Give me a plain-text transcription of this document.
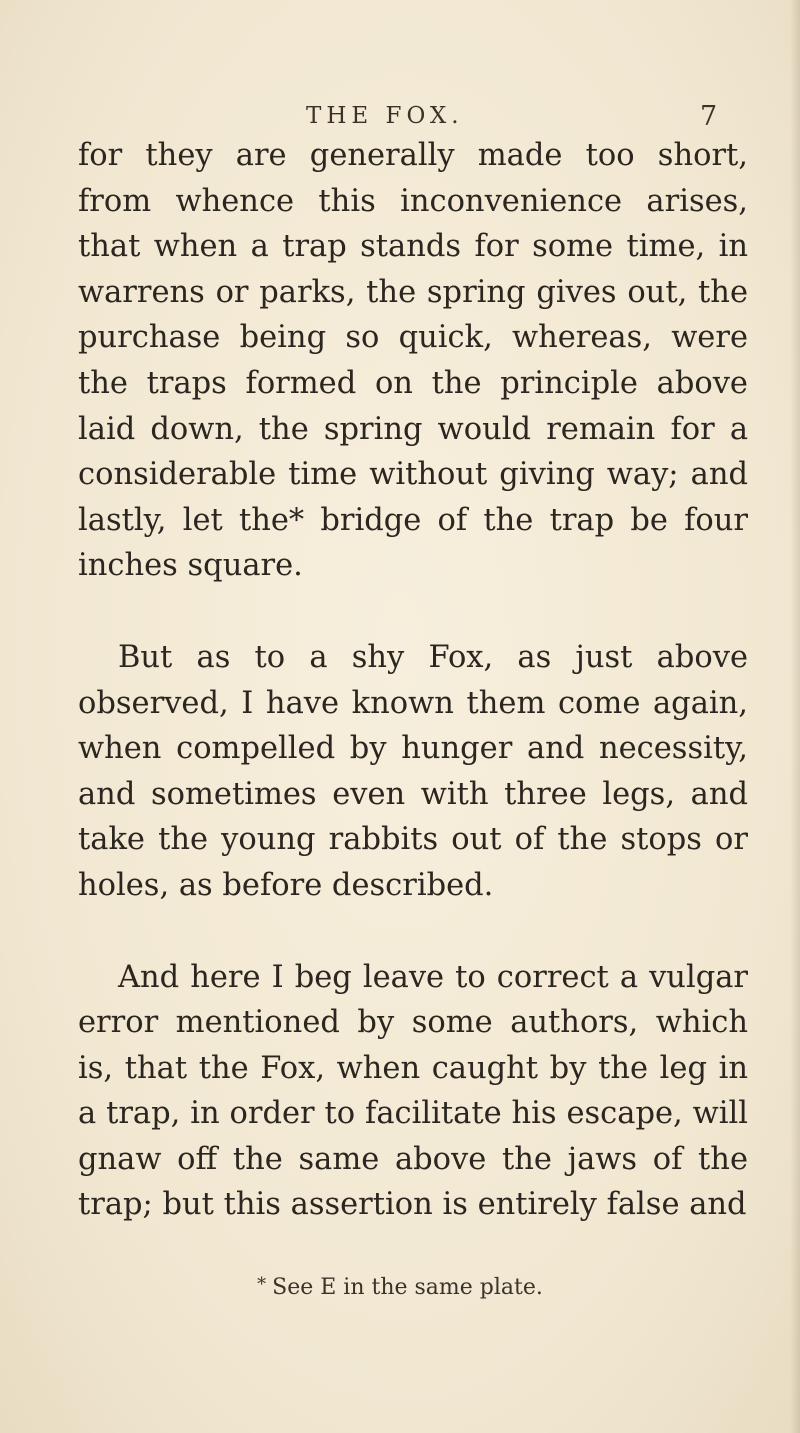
THE FOX.	7

for they are generally made too short, from whence this inconvenience arises, that when a trap stands for some time, in warrens or parks, the spring gives out, the purchase being so quick, whereas, were the traps formed on the principle above laid down, the spring would remain for a considerable time without giving way; and lastly, let the* bridge of the trap be four inches square.

But as to a shy Fox, as just above observed, I have known them come again, when compelled by hunger and necessity, and sometimes even with three legs, and take the young rabbits out of the stops or holes, as before described.

And here I beg leave to correct a vulgar error mentioned by some authors, which is, that the Fox, when caught by the leg in a trap, in order to facilitate his escape, will gnaw off the same above the jaws of the trap; but this assertion is entirely false and

* See E in the same plate.
